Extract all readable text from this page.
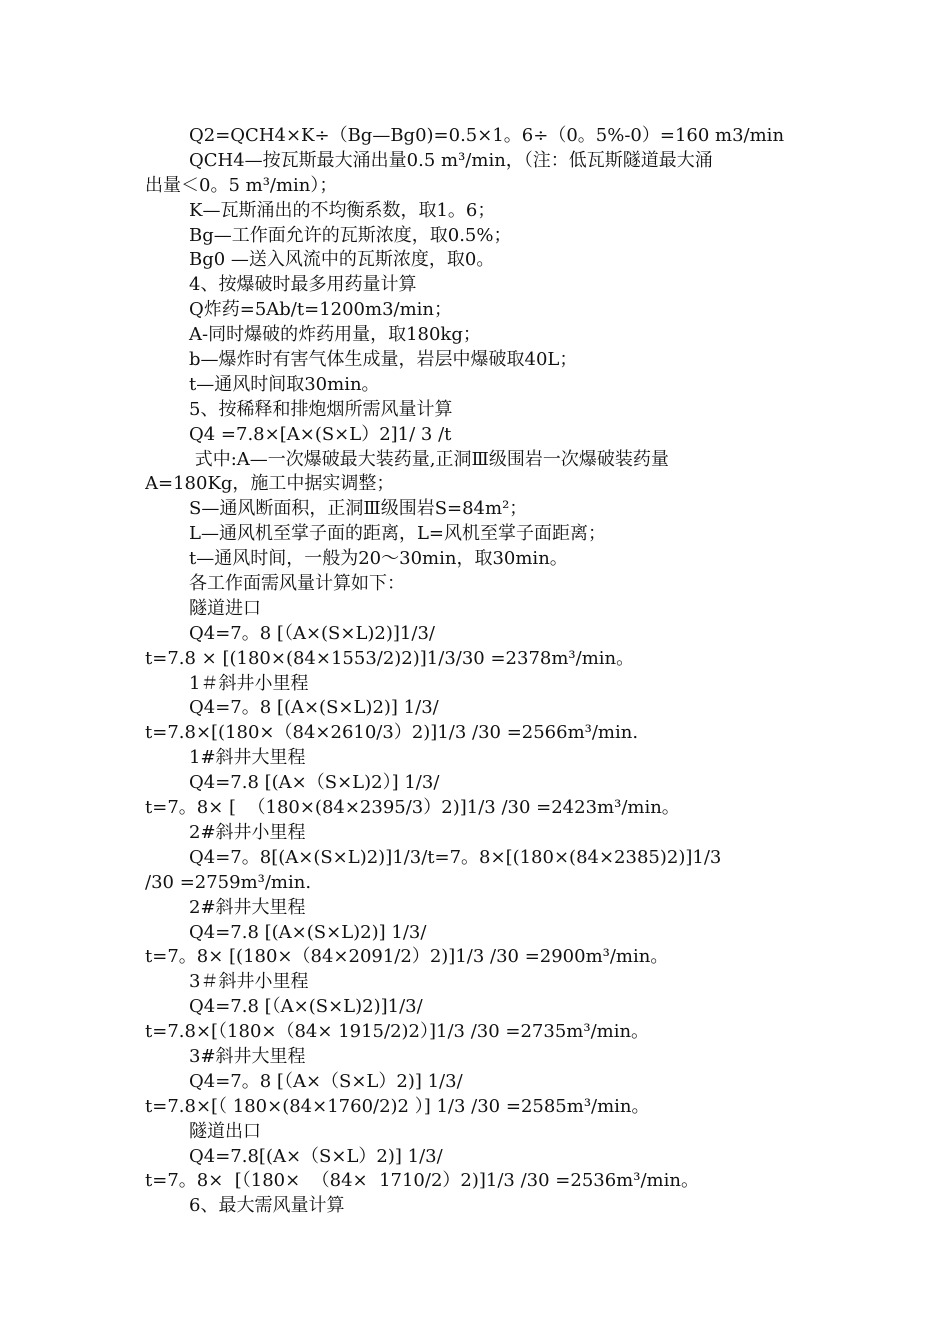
Q2=QCH4×K÷（Bg—Bg0)=0.5×1。6÷（0。5%-0）=160 m3/min
QCH4—按瓦斯最大涌出量0.5 m³/min，（注：低瓦斯隧道最大涌
出量＜0。5 m³/min）；
K—瓦斯涌出的不均衡系数，取1。6；
Bg—工作面允许的瓦斯浓度，取0.5%；
Bg0 —送入风流中的瓦斯浓度，取0。
4、按爆破时最多用药量计算
Q炸药=5Ab/t=1200m3/min；
A-同时爆破的炸药用量，取180kg；
b—爆炸时有害气体生成量，岩层中爆破取40L；
t—通风时间取30min。
5、按稀释和排炮烟所需风量计算
Q4 =7.8×[A×(S×L）2]1/ 3 /t
式中:A—一次爆破最大装药量,正洞Ⅲ级围岩一次爆破装药量
A=180Kg，施工中据实调整；
S—通风断面积，正洞Ⅲ级围岩S=84m²；
L—通风机至掌子面的距离，L=风机至掌子面距离；
t—通风时间，一般为20～30min，取30min。
各工作面需风量计算如下：
隧道进口
Q4=7。8 [（A×(S×L)2)]1/3/
t=7.8 × [(180×(84×1553/2)2)]1/3/30 =2378m³/min。
1＃斜井小里程
Q4=7。8 [(A×(S×L)2)] 1/3/
t=7.8×[(180×（84×2610/3）2)]1/3 /30 =2566m³/min.
1#斜井大里程
Q4=7.8 [(A×（S×L)2）] 1/3/
t=7。8× [  （180×(84×2395/3）2)]1/3 /30 =2423m³/min。
2#斜井小里程
Q4=7。8[(A×(S×L)2)]1/3/t=7。8×[(180×(84×2385)2)]1/3
/30 =2759m³/min.
2#斜井大里程
Q4=7.8 [(A×(S×L)2)] 1/3/
t=7。8× [(180×（84×2091/2）2)]1/3 /30 =2900m³/min。
3＃斜井小里程
Q4=7.8 [（A×(S×L)2)]1/3/
t=7.8×[（180×（84× 1915/2)2）]1/3 /30 =2735m³/min。
3#斜井大里程
Q4=7。8 [（A×（S×L）2)] 1/3/
t=7.8×[（ 180×(84×1760/2)2 ）] 1/3 /30 =2585m³/min。
隧道出口
Q4=7.8[(A×（S×L）2)] 1/3/
t=7。8×  [（180×  （84×  1710/2）2)]1/3 /30 =2536m³/min。
6、最大需风量计算
